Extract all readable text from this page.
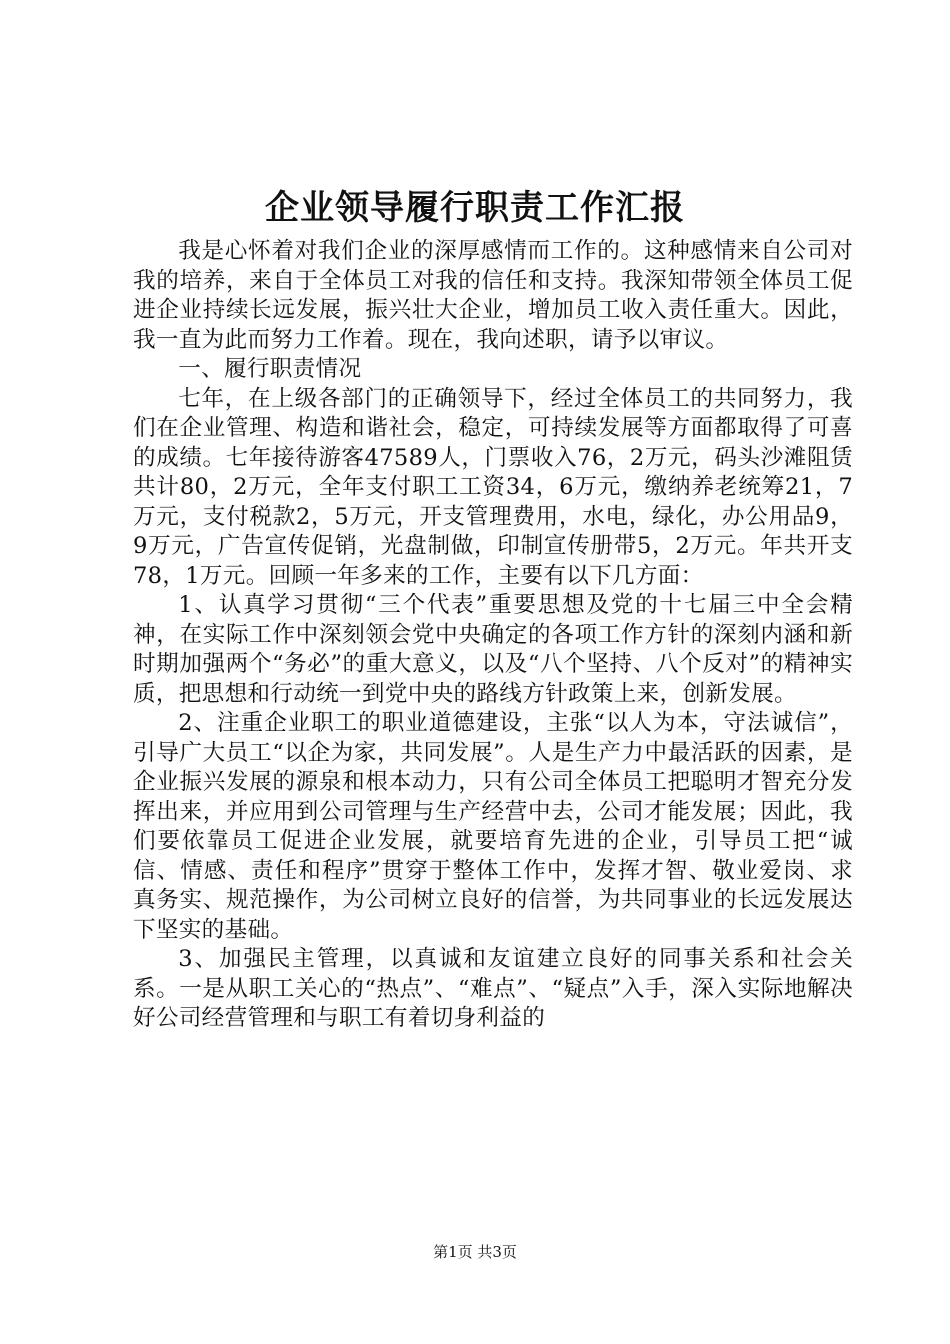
企业领导履行职责工作汇报

我是心怀着对我们企业的深厚感情而工作的。这种感情来自公司对我的培养，来自于全体员工对我的信任和支持。我深知带领全体员工促进企业持续长远发展，振兴壮大企业，增加员工收入责任重大。因此，我一直为此而努力工作着。现在，我向述职，请予以审议。

一、履行职责情况

七年，在上级各部门的正确领导下，经过全体员工的共同努力，我们在企业管理、构造和谐社会，稳定，可持续发展等方面都取得了可喜的成绩。七年接待游客47589人，门票收入76，2万元，码头沙滩阻赁共计80，2万元，全年支付职工工资34，6万元，缴纳养老统筹21，7万元，支付税款2，5万元，开支管理费用，水电，绿化，办公用品9，9万元，广告宣传促销，光盘制做，印制宣传册带5，2万元。年共开支78，1万元。回顾一年多来的工作，主要有以下几方面：

1、认真学习贯彻“三个代表”重要思想及党的十七届三中全会精神，在实际工作中深刻领会党中央确定的各项工作方针的深刻内涵和新时期加强两个“务必”的重大意义，以及“八个坚持、八个反对”的精神实质，把思想和行动统一到党中央的路线方针政策上来，创新发展。

2、注重企业职工的职业道德建设，主张“以人为本，守法诚信”，引导广大员工“以企为家，共同发展”。人是生产力中最活跃的因素，是企业振兴发展的源泉和根本动力，只有公司全体员工把聪明才智充分发挥出来，并应用到公司管理与生产经营中去，公司才能发展；因此，我们要依靠员工促进企业发展，就要培育先进的企业，引导员工把“诚信、情感、责任和程序”贯穿于整体工作中，发挥才智、敬业爱岗、求真务实、规范操作，为公司树立良好的信誉，为共同事业的长远发展达下坚实的基础。

3、加强民主管理，以真诚和友谊建立良好的同事关系和社会关系。一是从职工关心的“热点”、“难点”、“疑点”入手，深入实际地解决好公司经营管理和与职工有着切身利益的

第1页 共3页
